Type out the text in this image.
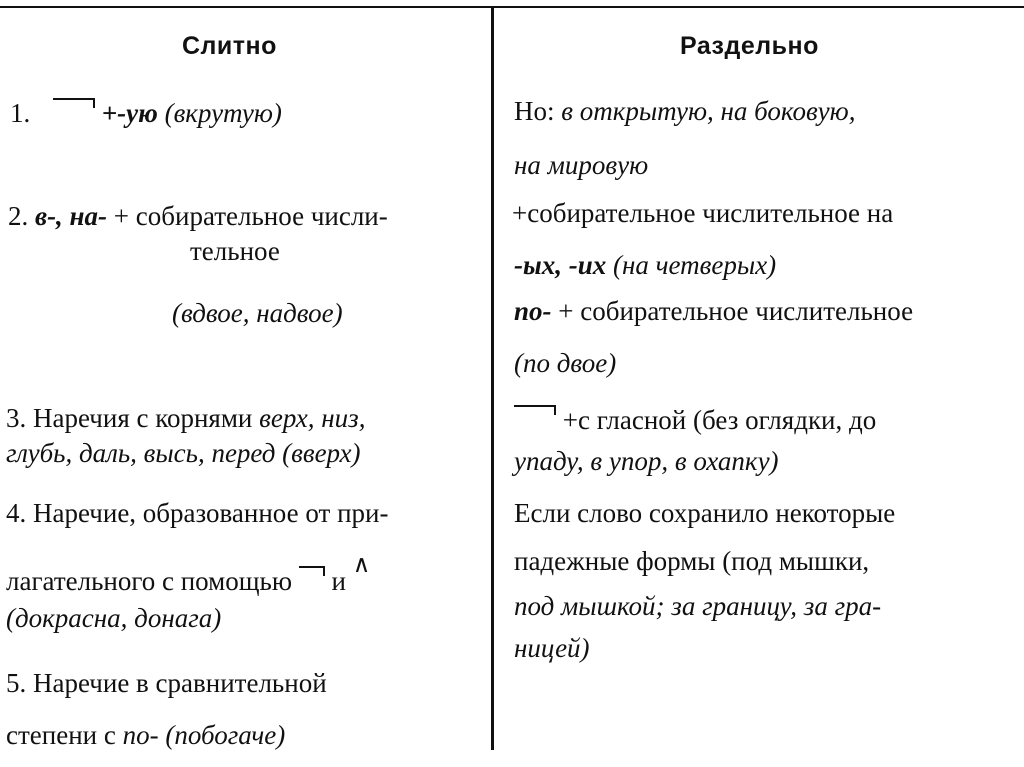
Слитно
1.	+-ую (вкрутую)
2. в-, на- + собирательное числи-
тельное
(вдвое, надвое)
3. Наречия с корнями верх, низ,
глубь, даль, высь, перед (вверх)
4. Наречие, образованное от при-
лагательного с помощью и ∧
(докрасна, донага)
5. Наречие в сравнительной
степени с по- (побогаче)
Раздельно
Но: в открытую, на боковую,
на мировую
+собирательное числительное на
-ых, -их (на четверых)
по- + собирательное числительное
(по двое)
+с гласной (без оглядки, до
упаду, в упор, в охапку)
Если слово сохранило некоторые
падежные формы (под мышки,
под мышкой; за границу, за гра-
ницей)
